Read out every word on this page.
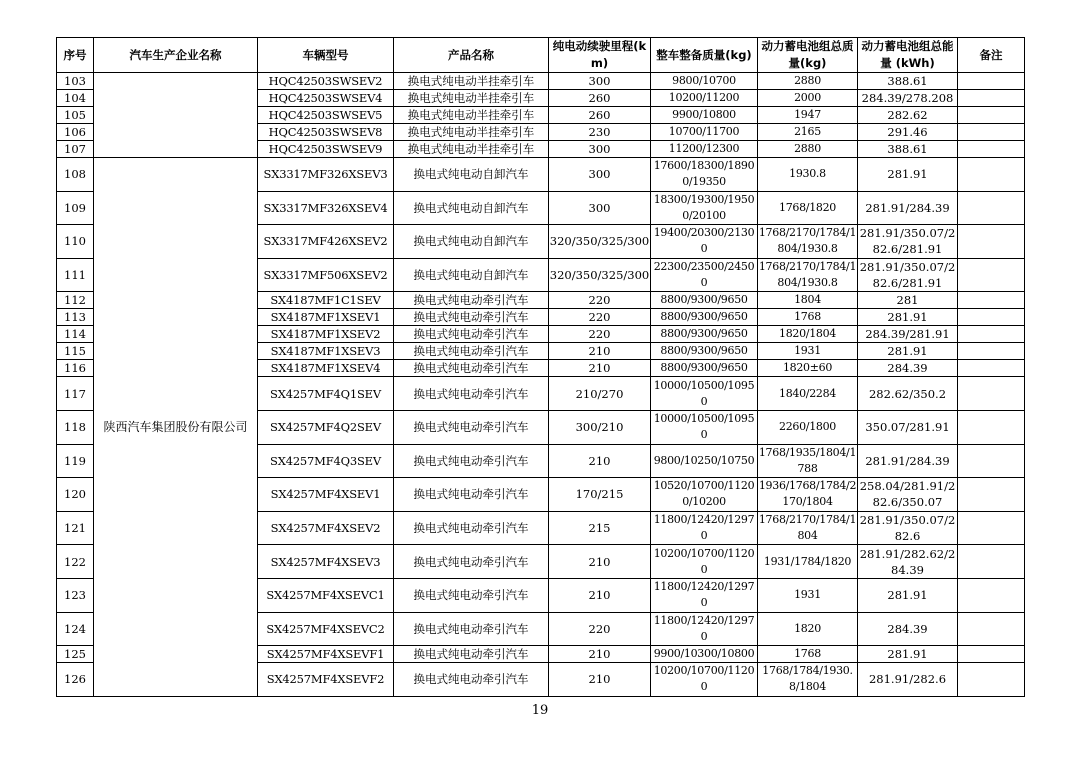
序号	汽车生产企业名称	车辆型号	产品名称	纯电动续驶里程(km)	整车整备质量(kg)	动力蓄电池组总质量(kg)	动力蓄电池组总能量 (kWh)	备注
103		HQC42503SWSEV2	换电式纯电动半挂牵引车	300	9800/10700	2880	388.61	
104		HQC42503SWSEV4	换电式纯电动半挂牵引车	260	10200/11200	2000	284.39/278.208	
105		HQC42503SWSEV5	换电式纯电动半挂牵引车	260	9900/10800	1947	282.62	
106		HQC42503SWSEV8	换电式纯电动半挂牵引车	230	10700/11700	2165	291.46	
107		HQC42503SWSEV9	换电式纯电动半挂牵引车	300	11200/12300	2880	388.61	
108	陕西汽车集团股份有限公司	SX3317MF326XSEV3	换电式纯电动自卸汽车	300	17600/18300/18900/19350	1930.8	281.91	
109		SX3317MF326XSEV4	换电式纯电动自卸汽车	300	18300/19300/19500/20100	1768/1820	281.91/284.39	
110		SX3317MF426XSEV2	换电式纯电动自卸汽车	320/350/325/300	19400/20300/21300	1768/2170/1784/1804/1930.8	281.91/350.07/282.6/281.91	
111		SX3317MF506XSEV2	换电式纯电动自卸汽车	320/350/325/300	22300/23500/24500	1768/2170/1784/1804/1930.8	281.91/350.07/282.6/281.91	
112		SX4187MF1C1SEV	换电式纯电动牵引汽车	220	8800/9300/9650	1804	281	
113		SX4187MF1XSEV1	换电式纯电动牵引汽车	220	8800/9300/9650	1768	281.91	
114		SX4187MF1XSEV2	换电式纯电动牵引汽车	220	8800/9300/9650	1820/1804	284.39/281.91	
115		SX4187MF1XSEV3	换电式纯电动牵引汽车	210	8800/9300/9650	1931	281.91	
116		SX4187MF1XSEV4	换电式纯电动牵引汽车	210	8800/9300/9650	1820±60	284.39	
117		SX4257MF4Q1SEV	换电式纯电动牵引汽车	210/270	10000/10500/10950	1840/2284	282.62/350.2	
118		SX4257MF4Q2SEV	换电式纯电动牵引汽车	300/210	10000/10500/10950	2260/1800	350.07/281.91	
119		SX4257MF4Q3SEV	换电式纯电动牵引汽车	210	9800/10250/10750	1768/1935/1804/1788	281.91/284.39	
120		SX4257MF4XSEV1	换电式纯电动牵引汽车	170/215	10520/10700/11200/10200	1936/1768/1784/2170/1804	258.04/281.91/282.6/350.07	
121		SX4257MF4XSEV2	换电式纯电动牵引汽车	215	11800/12420/12970	1768/2170/1784/1804	281.91/350.07/282.6	
122		SX4257MF4XSEV3	换电式纯电动牵引汽车	210	10200/10700/11200	1931/1784/1820	281.91/282.62/284.39	
123		SX4257MF4XSEVC1	换电式纯电动牵引汽车	210	11800/12420/12970	1931	281.91	
124		SX4257MF4XSEVC2	换电式纯电动牵引汽车	220	11800/12420/12970	1820	284.39	
125		SX4257MF4XSEVF1	换电式纯电动牵引汽车	210	9900/10300/10800	1768	281.91	
126		SX4257MF4XSEVF2	换电式纯电动牵引汽车	210	10200/10700/11200	1768/1784/1930.8/1804	281.91/282.6	
19
